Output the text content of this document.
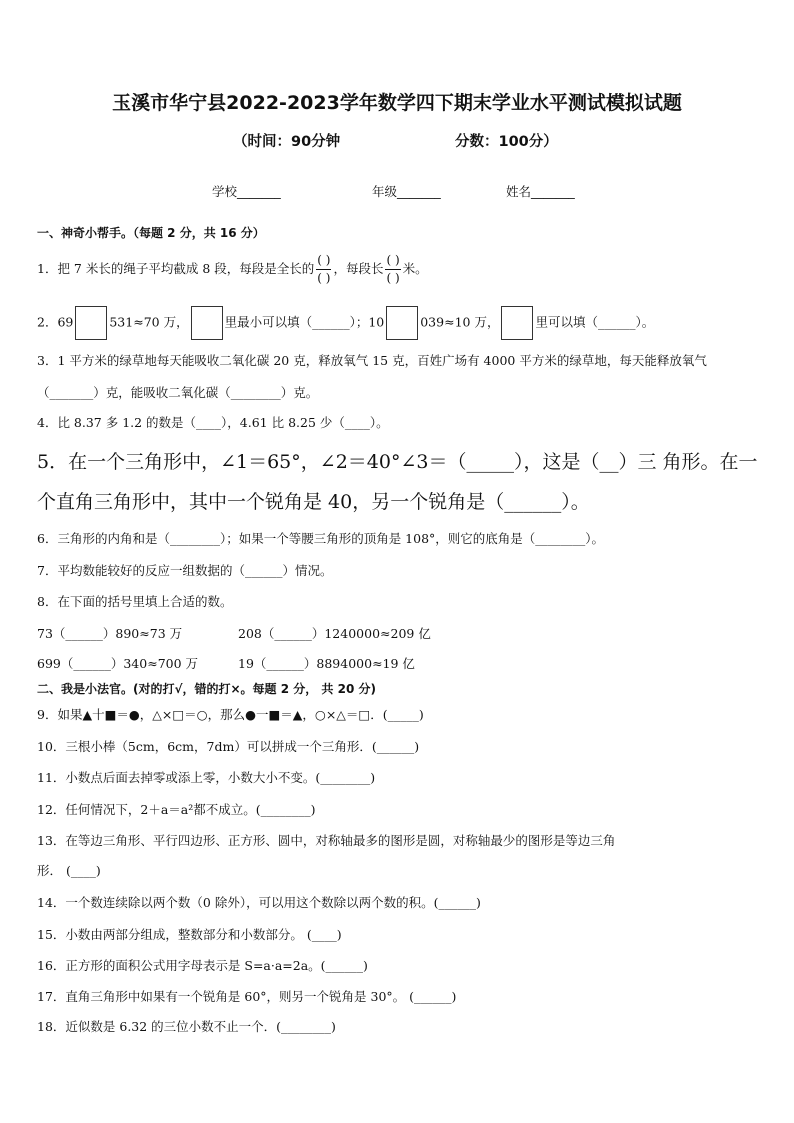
玉溪市华宁县2022-2023学年数学四下期末学业水平测试模拟试题
（时间：90分钟	分数：100分）
学校_______	年级_______	姓名_______
一、神奇小帮手。（每题 2 分，共 16 分）
1．把 7 米长的绳子平均截成 8 段，每段是全长的 $\frac{( )}{( )}$ ，每段长 $\frac{( )}{( )}$ 米。
2．69	531≈70 万，	里最小可以填（______）；10	039≈10 万，	里可以填（______）。
3．1 平方米的绿草地每天能吸收二氧化碳 20 克，释放氧气 15 克，百姓广场有 4000 平方米的绿草地，每天能释放氧气
（_______）克，能吸收二氧化碳（________）克。
4．比 8.37 多 1.2 的数是（____），4.61 比 8.25 少（____）。
5．在一个三角形中，∠1＝65°，∠2＝40°∠3＝（_____），这是（__）三 角形。在一
个直角三角形中，其中一个锐角是 40，另一个锐角是（______）。
6．三角形的内角和是（________）；如果一个等腰三角形的顶角是 108°，则它的底角是（________）。
7．平均数能较好的反应一组数据的（______）情况。
8．在下面的括号里填上合适的数。
73（______）890≈73 万	208（______）1240000≈209 亿
699（______）340≈700 万	19（______）8894000≈19 亿
二、我是小法官。(对的打√，错的打×。每题 2 分， 共 20 分)
9．如果▲十■＝●，△×□＝○，那么●一■＝▲，○×△＝□．(_____)
10．三根小棒（5cm，6cm，7dm）可以拼成一个三角形．(______)
11．小数点后面去掉零或添上零，小数大小不变。(________)
12．任何情况下，2＋a＝a²都不成立。(________)
13．在等边三角形、平行四边形、正方形、圆中，对称轴最多的图形是圆，对称轴最少的图形是等边三角
形． (____)
14．一个数连续除以两个数（0 除外），可以用这个数除以两个数的积。(______)
15．小数由两部分组成，整数部分和小数部分。 (____)
16．正方形的面积公式用字母表示是 S=a·a=2a。(______)
17．直角三角形中如果有一个锐角是 60°，则另一个锐角是 30°。 (______)
18．近似数是 6.32 的三位小数不止一个．(________)
